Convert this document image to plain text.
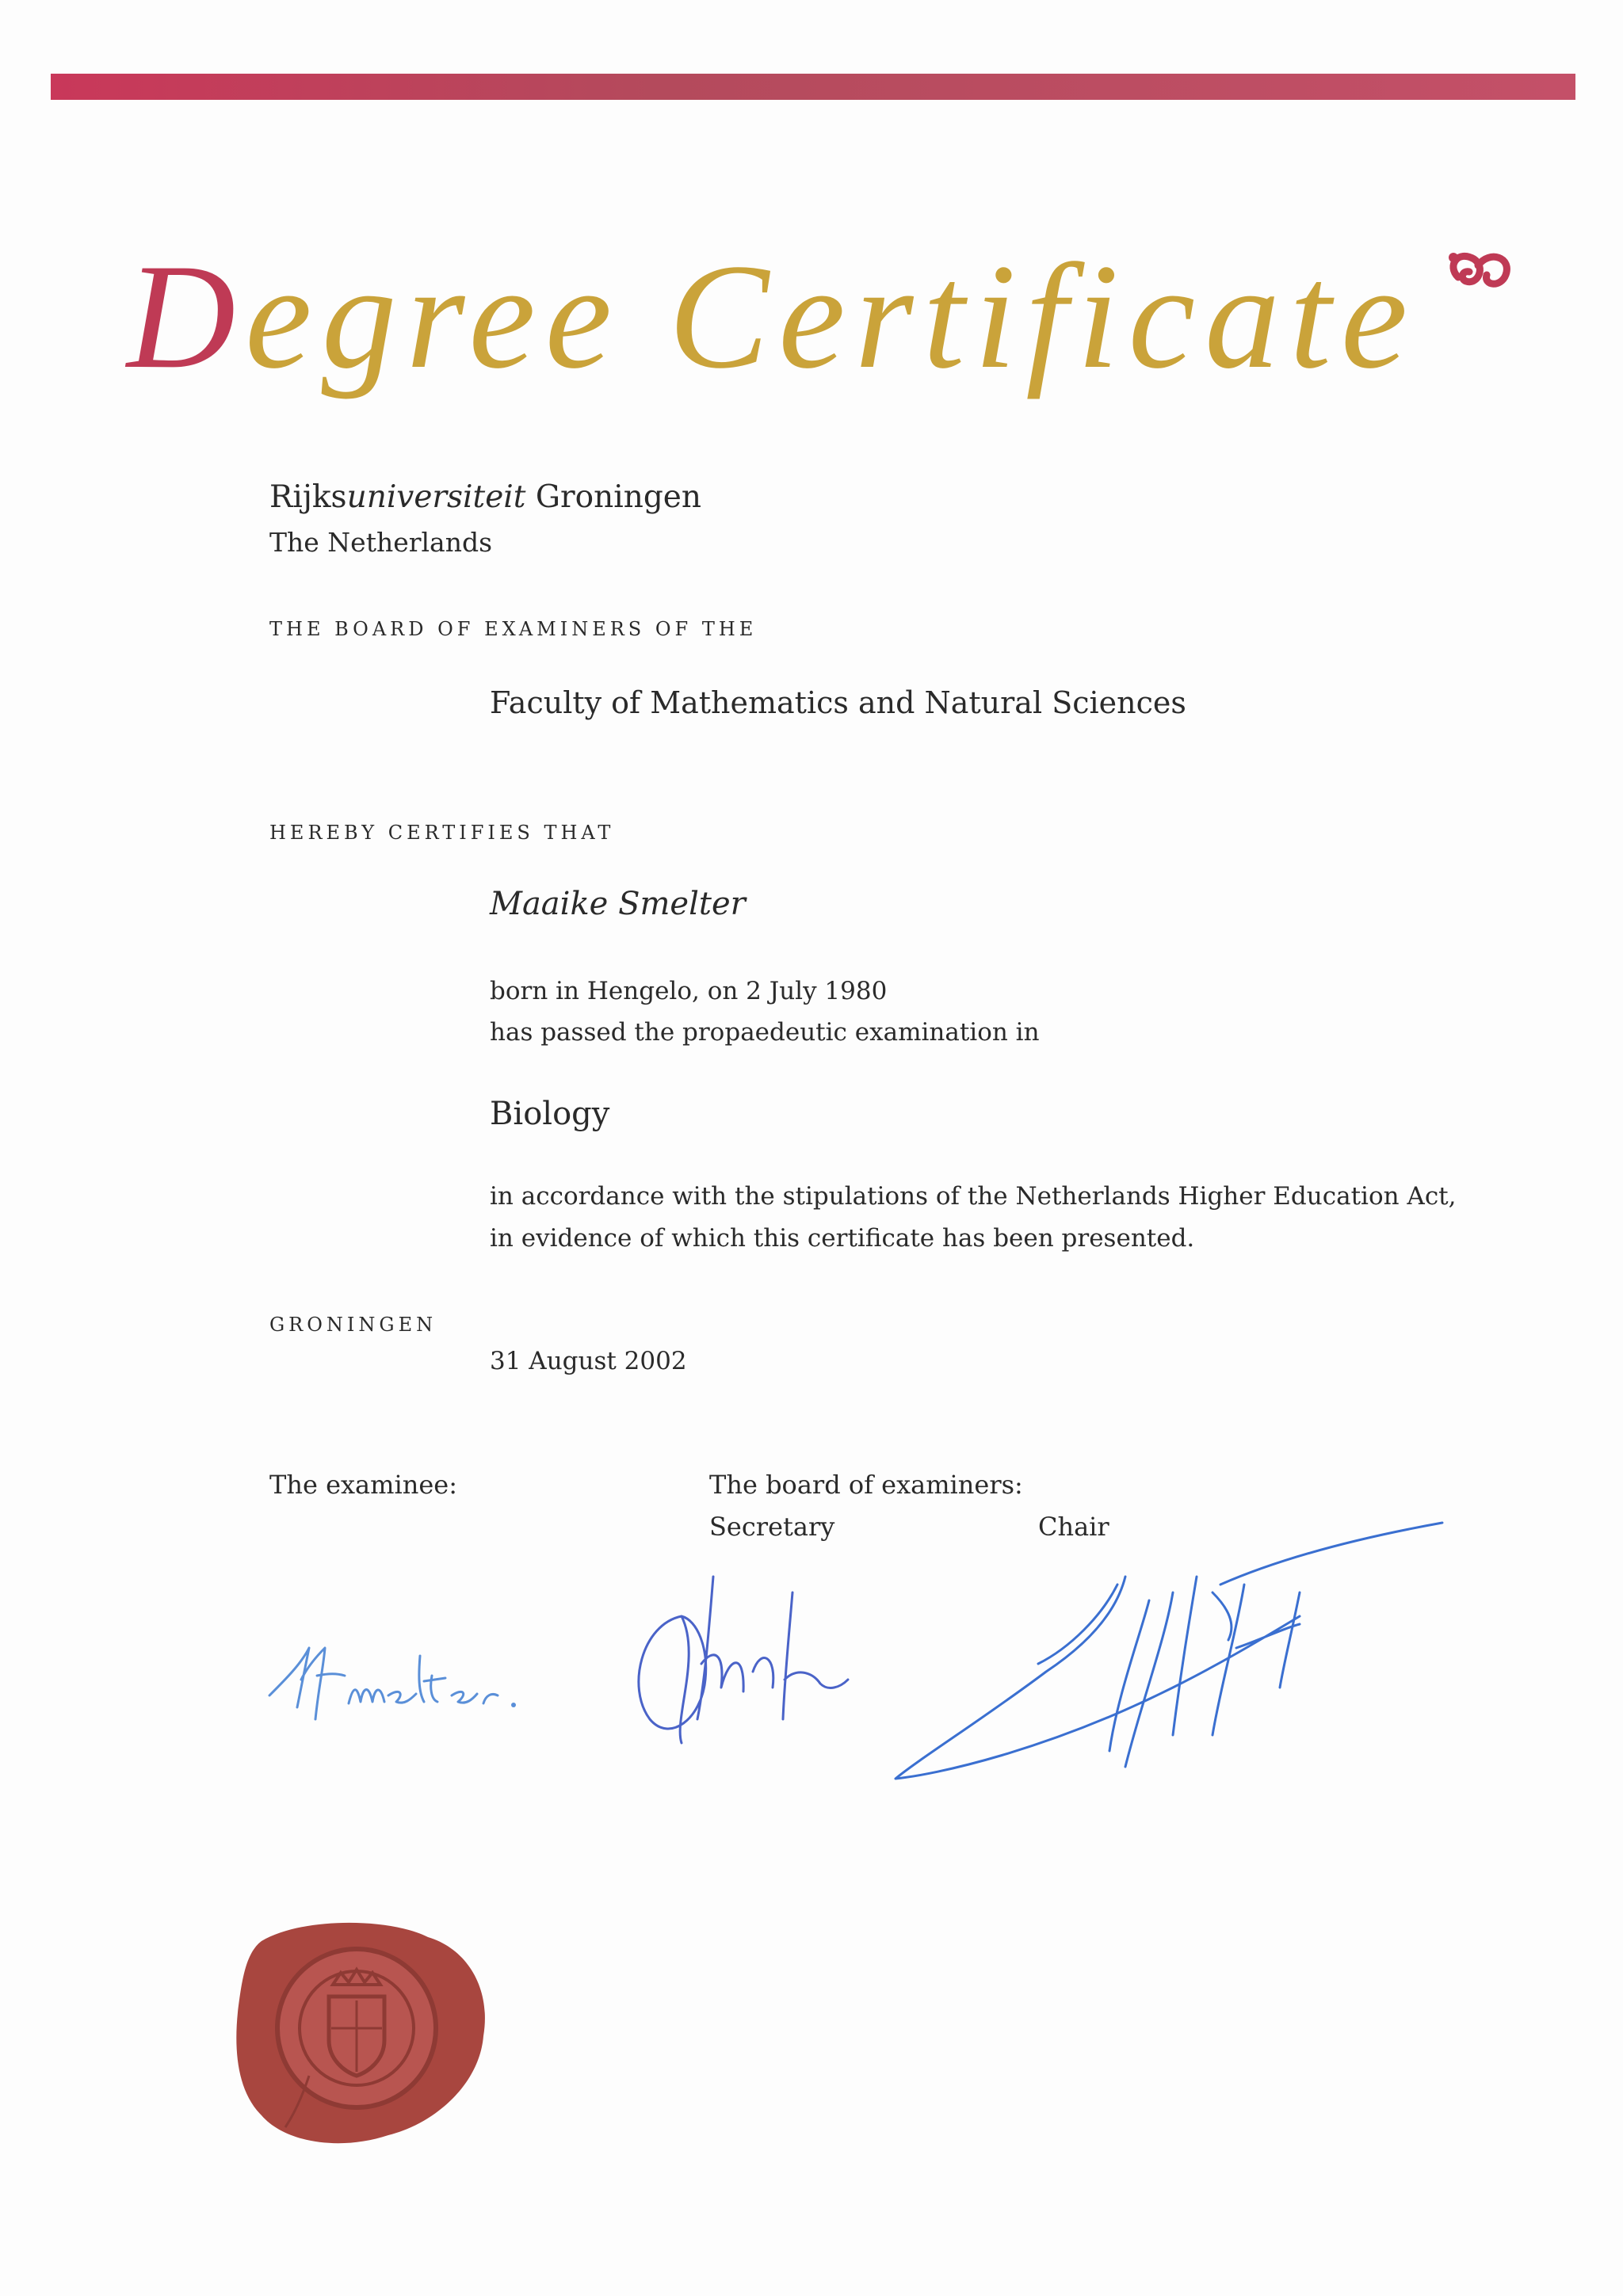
Degree Certificate
Rijksuniversiteit Groningen
The Netherlands
THE BOARD OF EXAMINERS OF THE
Faculty of Mathematics and Natural Sciences
HEREBY CERTIFIES THAT
Maaike Smelter
born in Hengelo, on 2 July 1980
has passed the propaedeutic examination in
Biology
in accordance with the stipulations of the Netherlands Higher Education Act,
in evidence of which this certificate has been presented.
GRONINGEN
31 August 2002
The examinee:	The board of examiners:
Secretary	Chair
